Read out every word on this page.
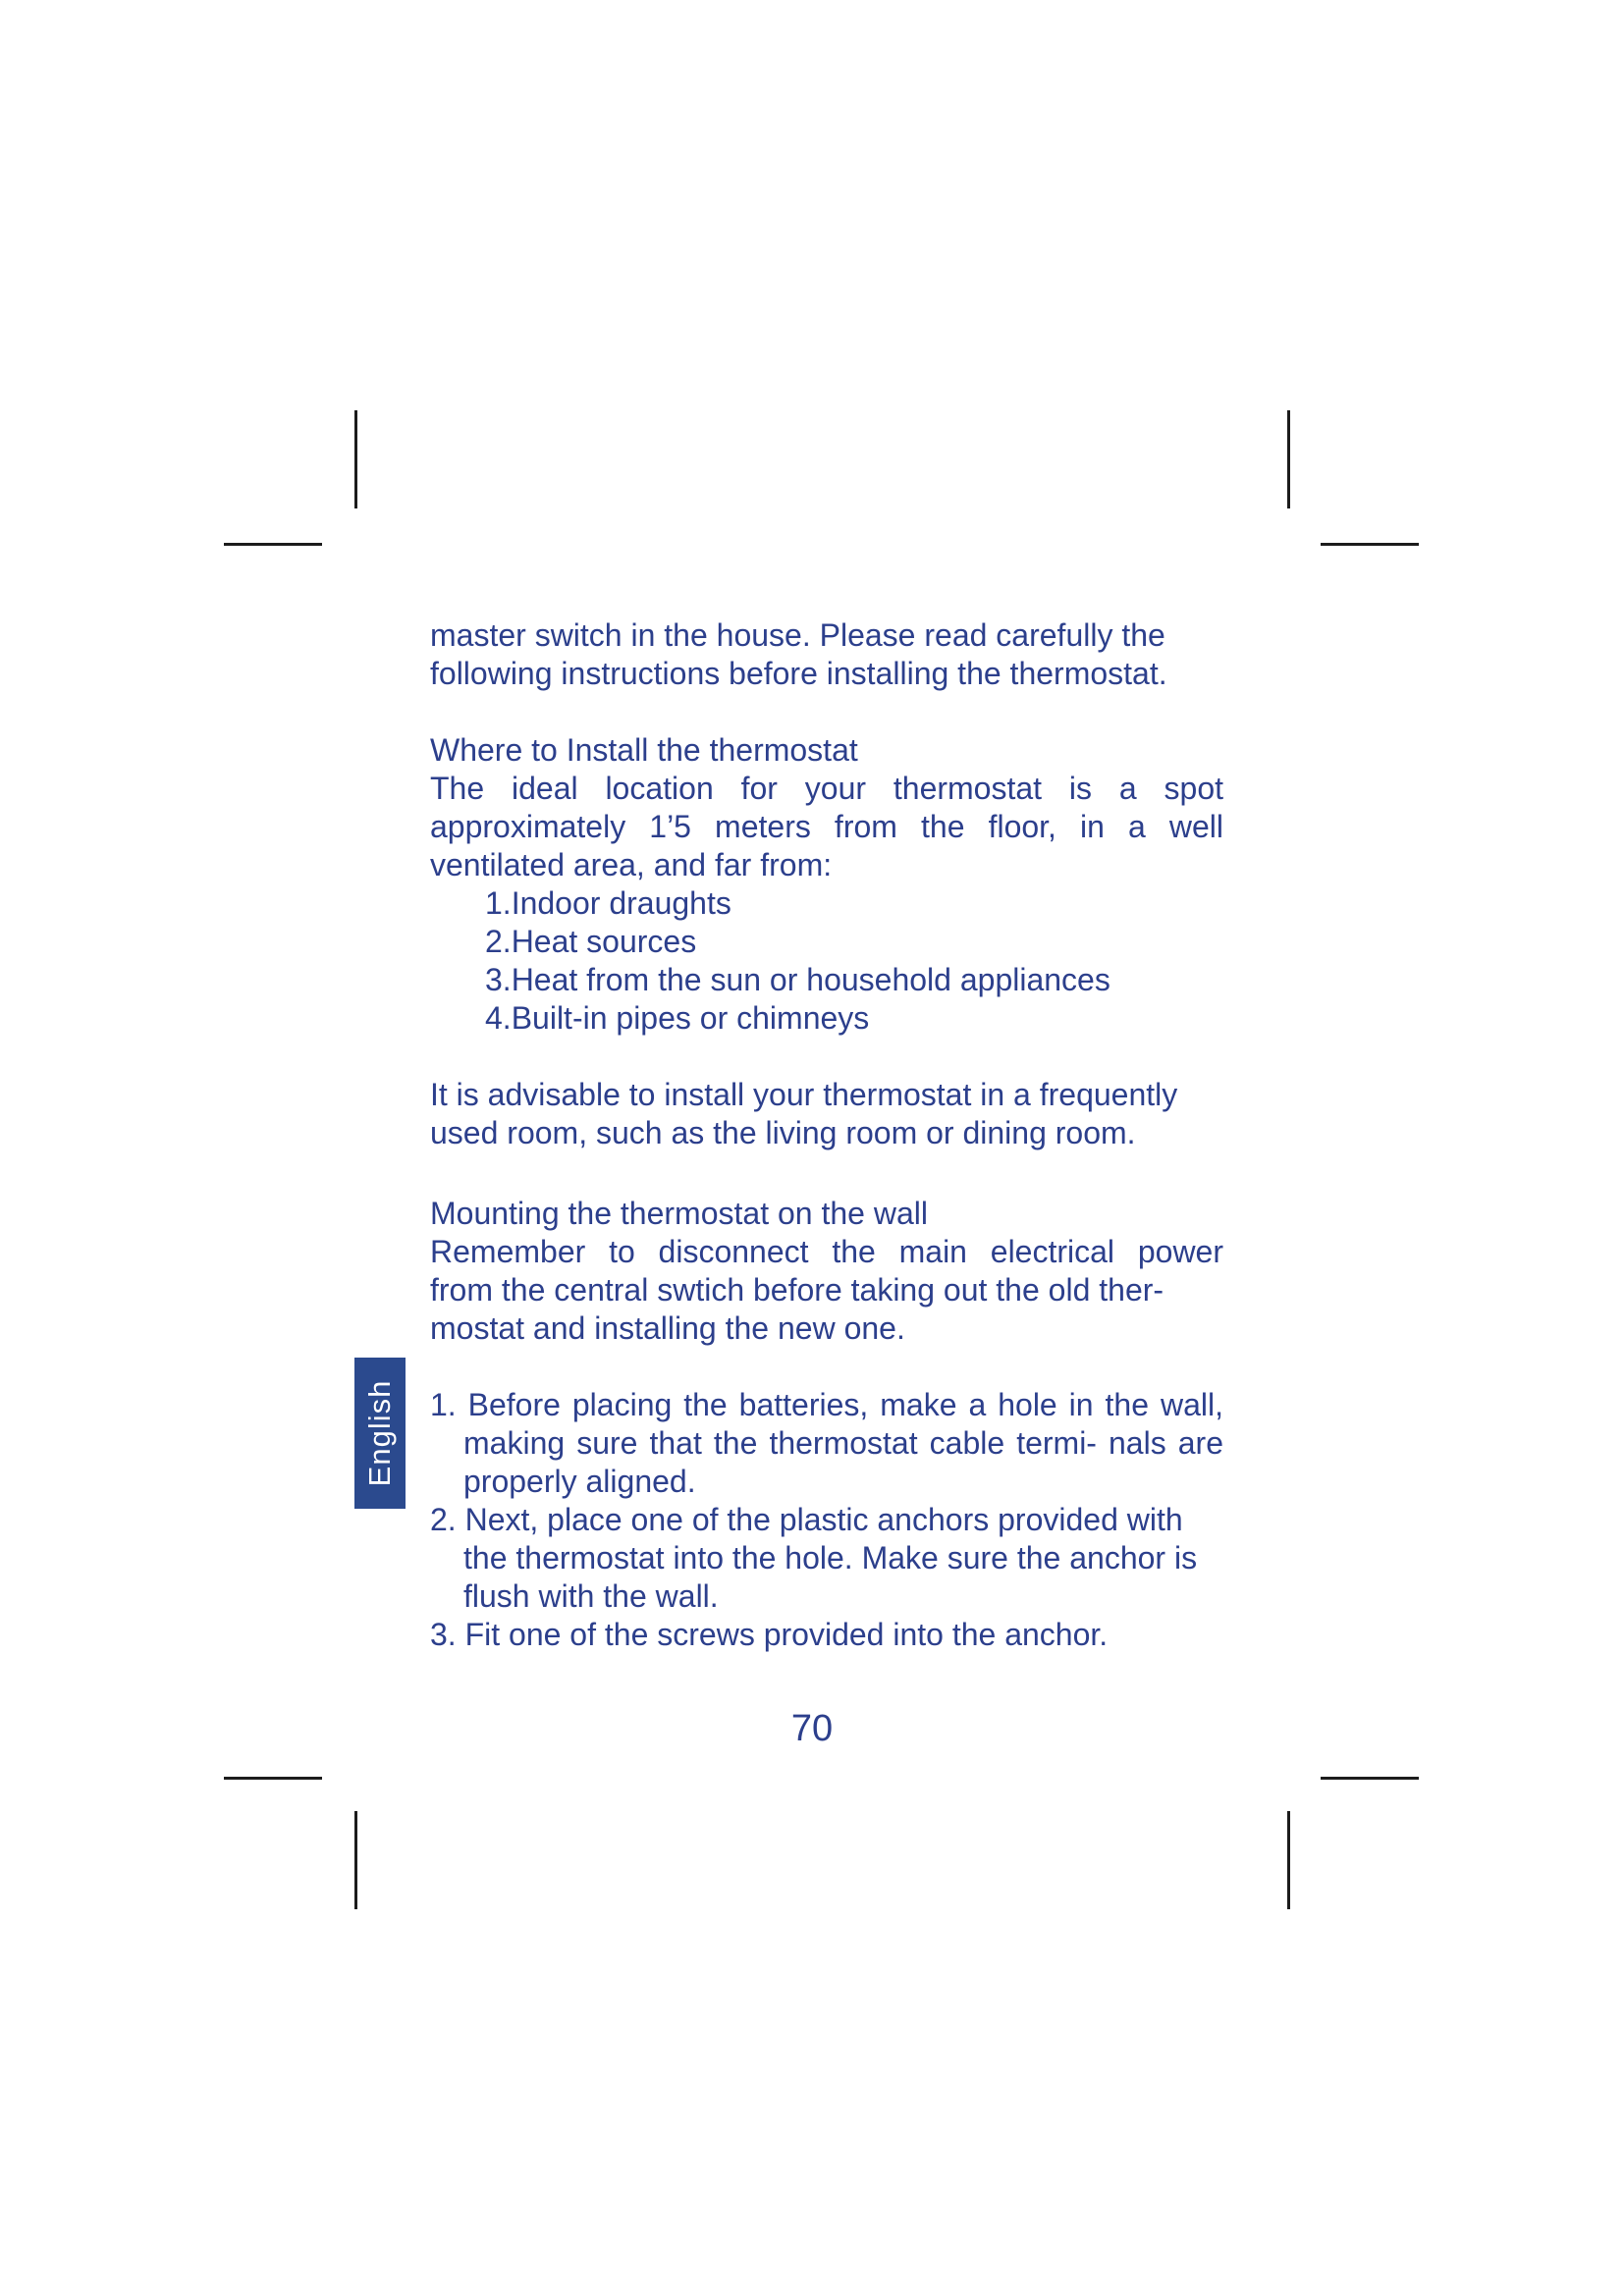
English

master switch in the house. Please read carefully the

following instructions before installing the thermostat.

Where to Install the thermostat

The ideal location for your thermostat is a spot

approximately 1’5 meters from the floor, in a well

ventilated area, and far from:

1.Indoor draughts

2.Heat sources

3.Heat from the sun or household appliances

4.Built-in pipes or chimneys

It is advisable to install your thermostat in a frequently

used room, such as the living room or dining room.

Mounting the thermostat on the wall

Remember to disconnect the main electrical power

from the central swtich before taking out the old ther-

mostat and installing the new one.

1. Before placing the batteries, make a hole in the wall, making sure that the thermostat cable termi- nals are properly aligned.

2. Next, place one of the plastic anchors provided with the thermostat into the hole. Make sure the anchor is flush with the wall.

3. Fit one of the screws provided into the anchor.

70
